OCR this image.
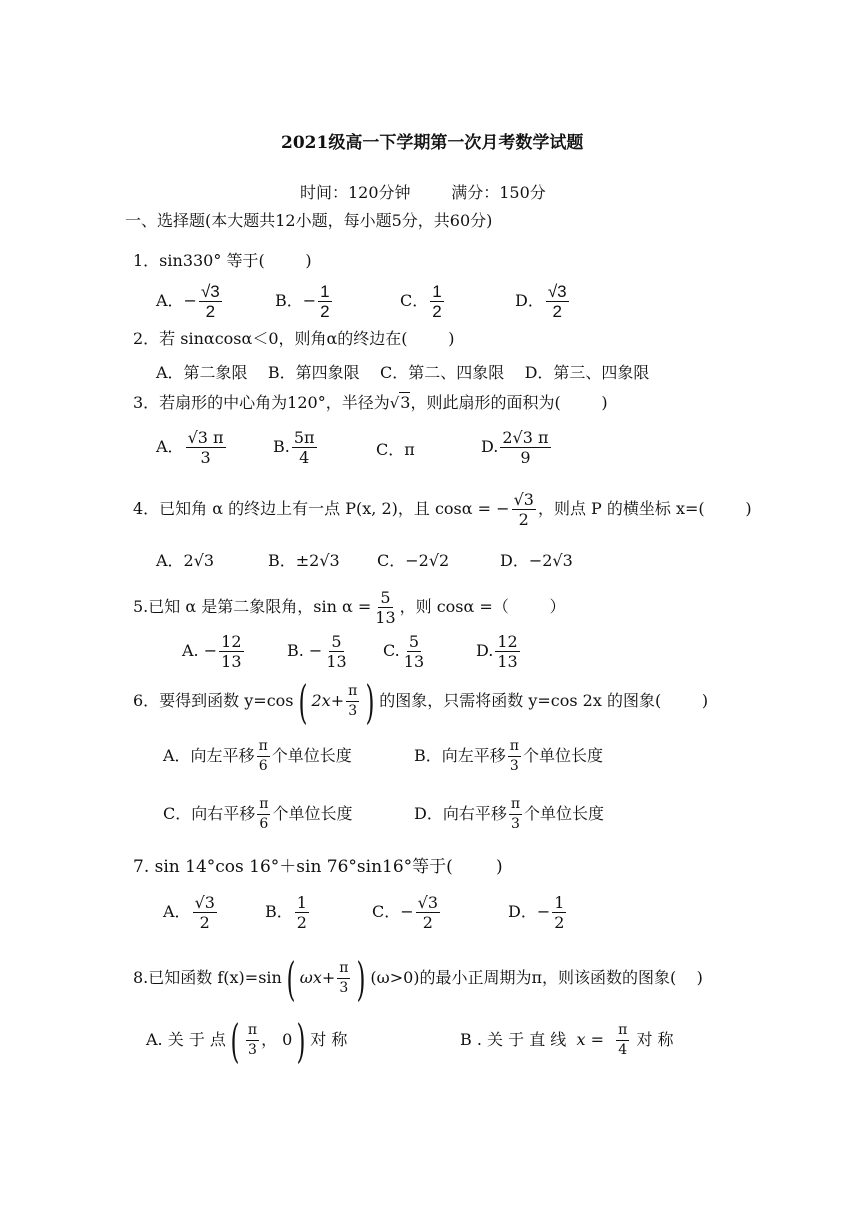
2021级高一下学期第一次月考数学试题
时间：120分钟        满分：150分
一、选择题(本大题共12小题，每小题5分，共60分)
1．sin330° 等于(        )
A．− $\frac{√3}{2}$	B．− $\frac{1}{2}$	C． $\frac{1}{2}$	D． $\frac{√3}{2}$
2．若 sinαcosα＜0，则角α的终边在(        )
A．第二象限    B．第四象限    C．第二、四象限    D．第三、四象限
3．若扇形的中心角为120°，半径为√3，则此扇形的面积为(        )
A． $\frac{√3 \pi}{3}$	B. $\frac{5\pi}{4}$	C．π	D. $\frac{2√3 \pi}{9}$
4．已知角 α 的终边上有一点 P(x, 2)，且 cosα = − $\frac{√3}{2}$ ，则点 P 的横坐标 x=(        )
A．2√3	B．±2√3 C．−2√2	D．−2√3
5.已知 α 是第二象限角，$\sin \alpha = \frac{5}{13}$ ，则 cosα =（        ）
A. − $\frac{12}{13}$	B. − $\frac{5}{13} C$. $\frac{5}{13}$	D. $\frac{12}{13}$
6．要得到函数 y=cos( $2x+ \frac{\pi}{3}$ ) 的图象，只需将函数 y=cos 2x 的图象(        )
A．向左平移 $\frac{\pi}{6}$ 个单位长度	B．向左平移 $\frac{\pi}{3}$ 个单位长度
C．向右平移 $\frac{\pi}{6}$ 个单位长度	D．向右平移 $\frac{\pi}{3}$ 个单位长度
7. sin 14°cos 16°＋sin 76°sin16°等于(        )
A． $\frac{√3}{2}$	B． $\frac{1}{2}$	C．− $\frac{√3}{2}$	D．− $\frac{1}{2}$
8.已知函数 f(x)=sin( $\omega x+ \frac{\pi}{3}$ ) (ω>0)的最小正周期为π，则该函数的图象(    )
A. 关 于 点( $\frac{\pi}{3}$ ， 0) 对 称	B . 关 于 直 线 $x = \frac{\pi}{4}$ 对 称
